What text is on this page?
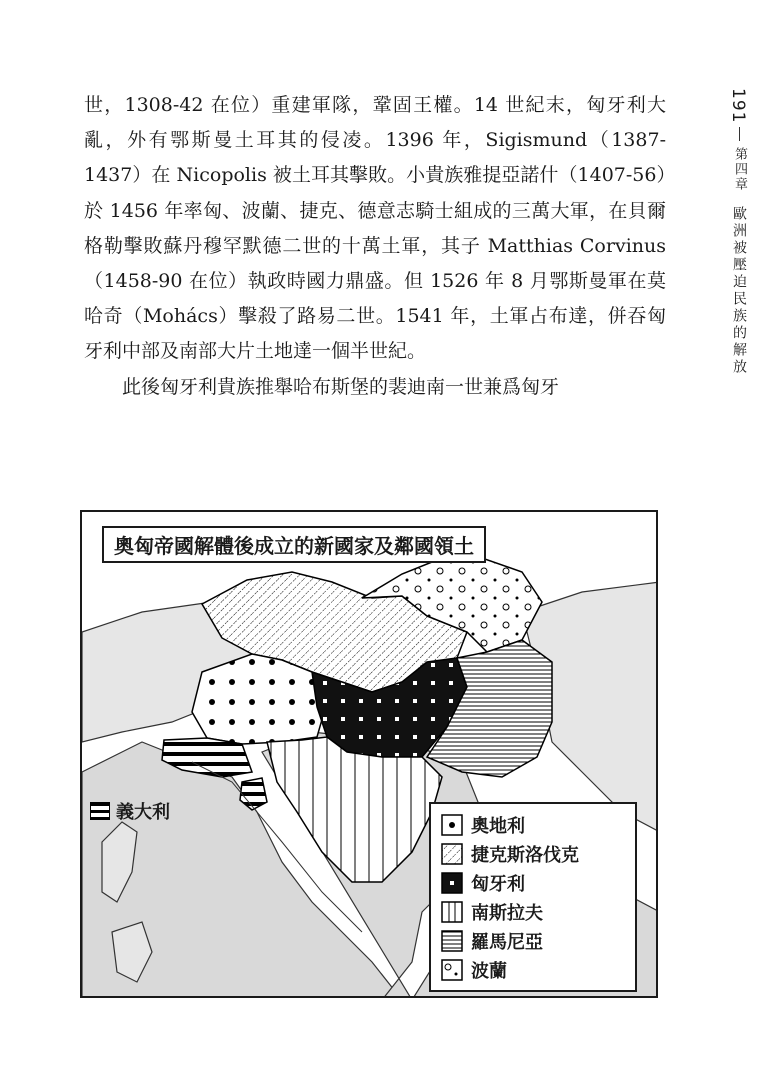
世，1308-42 在位）重建軍隊，鞏固王權。14 世紀末，匈牙利大亂，外有鄂斯曼土耳其的侵凌。1396 年，Sigismund（1387-1437）在 Nicopolis 被土耳其擊敗。小貴族雅提亞諾什（1407-56）於 1456 年率匈、波蘭、捷克、德意志騎士組成的三萬大軍，在貝爾格勒擊敗蘇丹穆罕默德二世的十萬土軍，其子 Matthias Corvinus（1458-90 在位）執政時國力鼎盛。但 1526 年 8 月鄂斯曼軍在莫哈奇（Mohács）擊殺了路易二世。1541 年，土軍占布達，併吞匈牙利中部及南部大片土地達一個半世紀。

此後匈牙利貴族推舉哈布斯堡的裴迪南一世兼爲匈牙

191
第四章
歐洲被壓迫民族的解放
奧匈帝國解體後成立的新國家及鄰國領土
義大利
奧地利
捷克斯洛伐克
匈牙利
南斯拉夫
羅馬尼亞
波蘭
